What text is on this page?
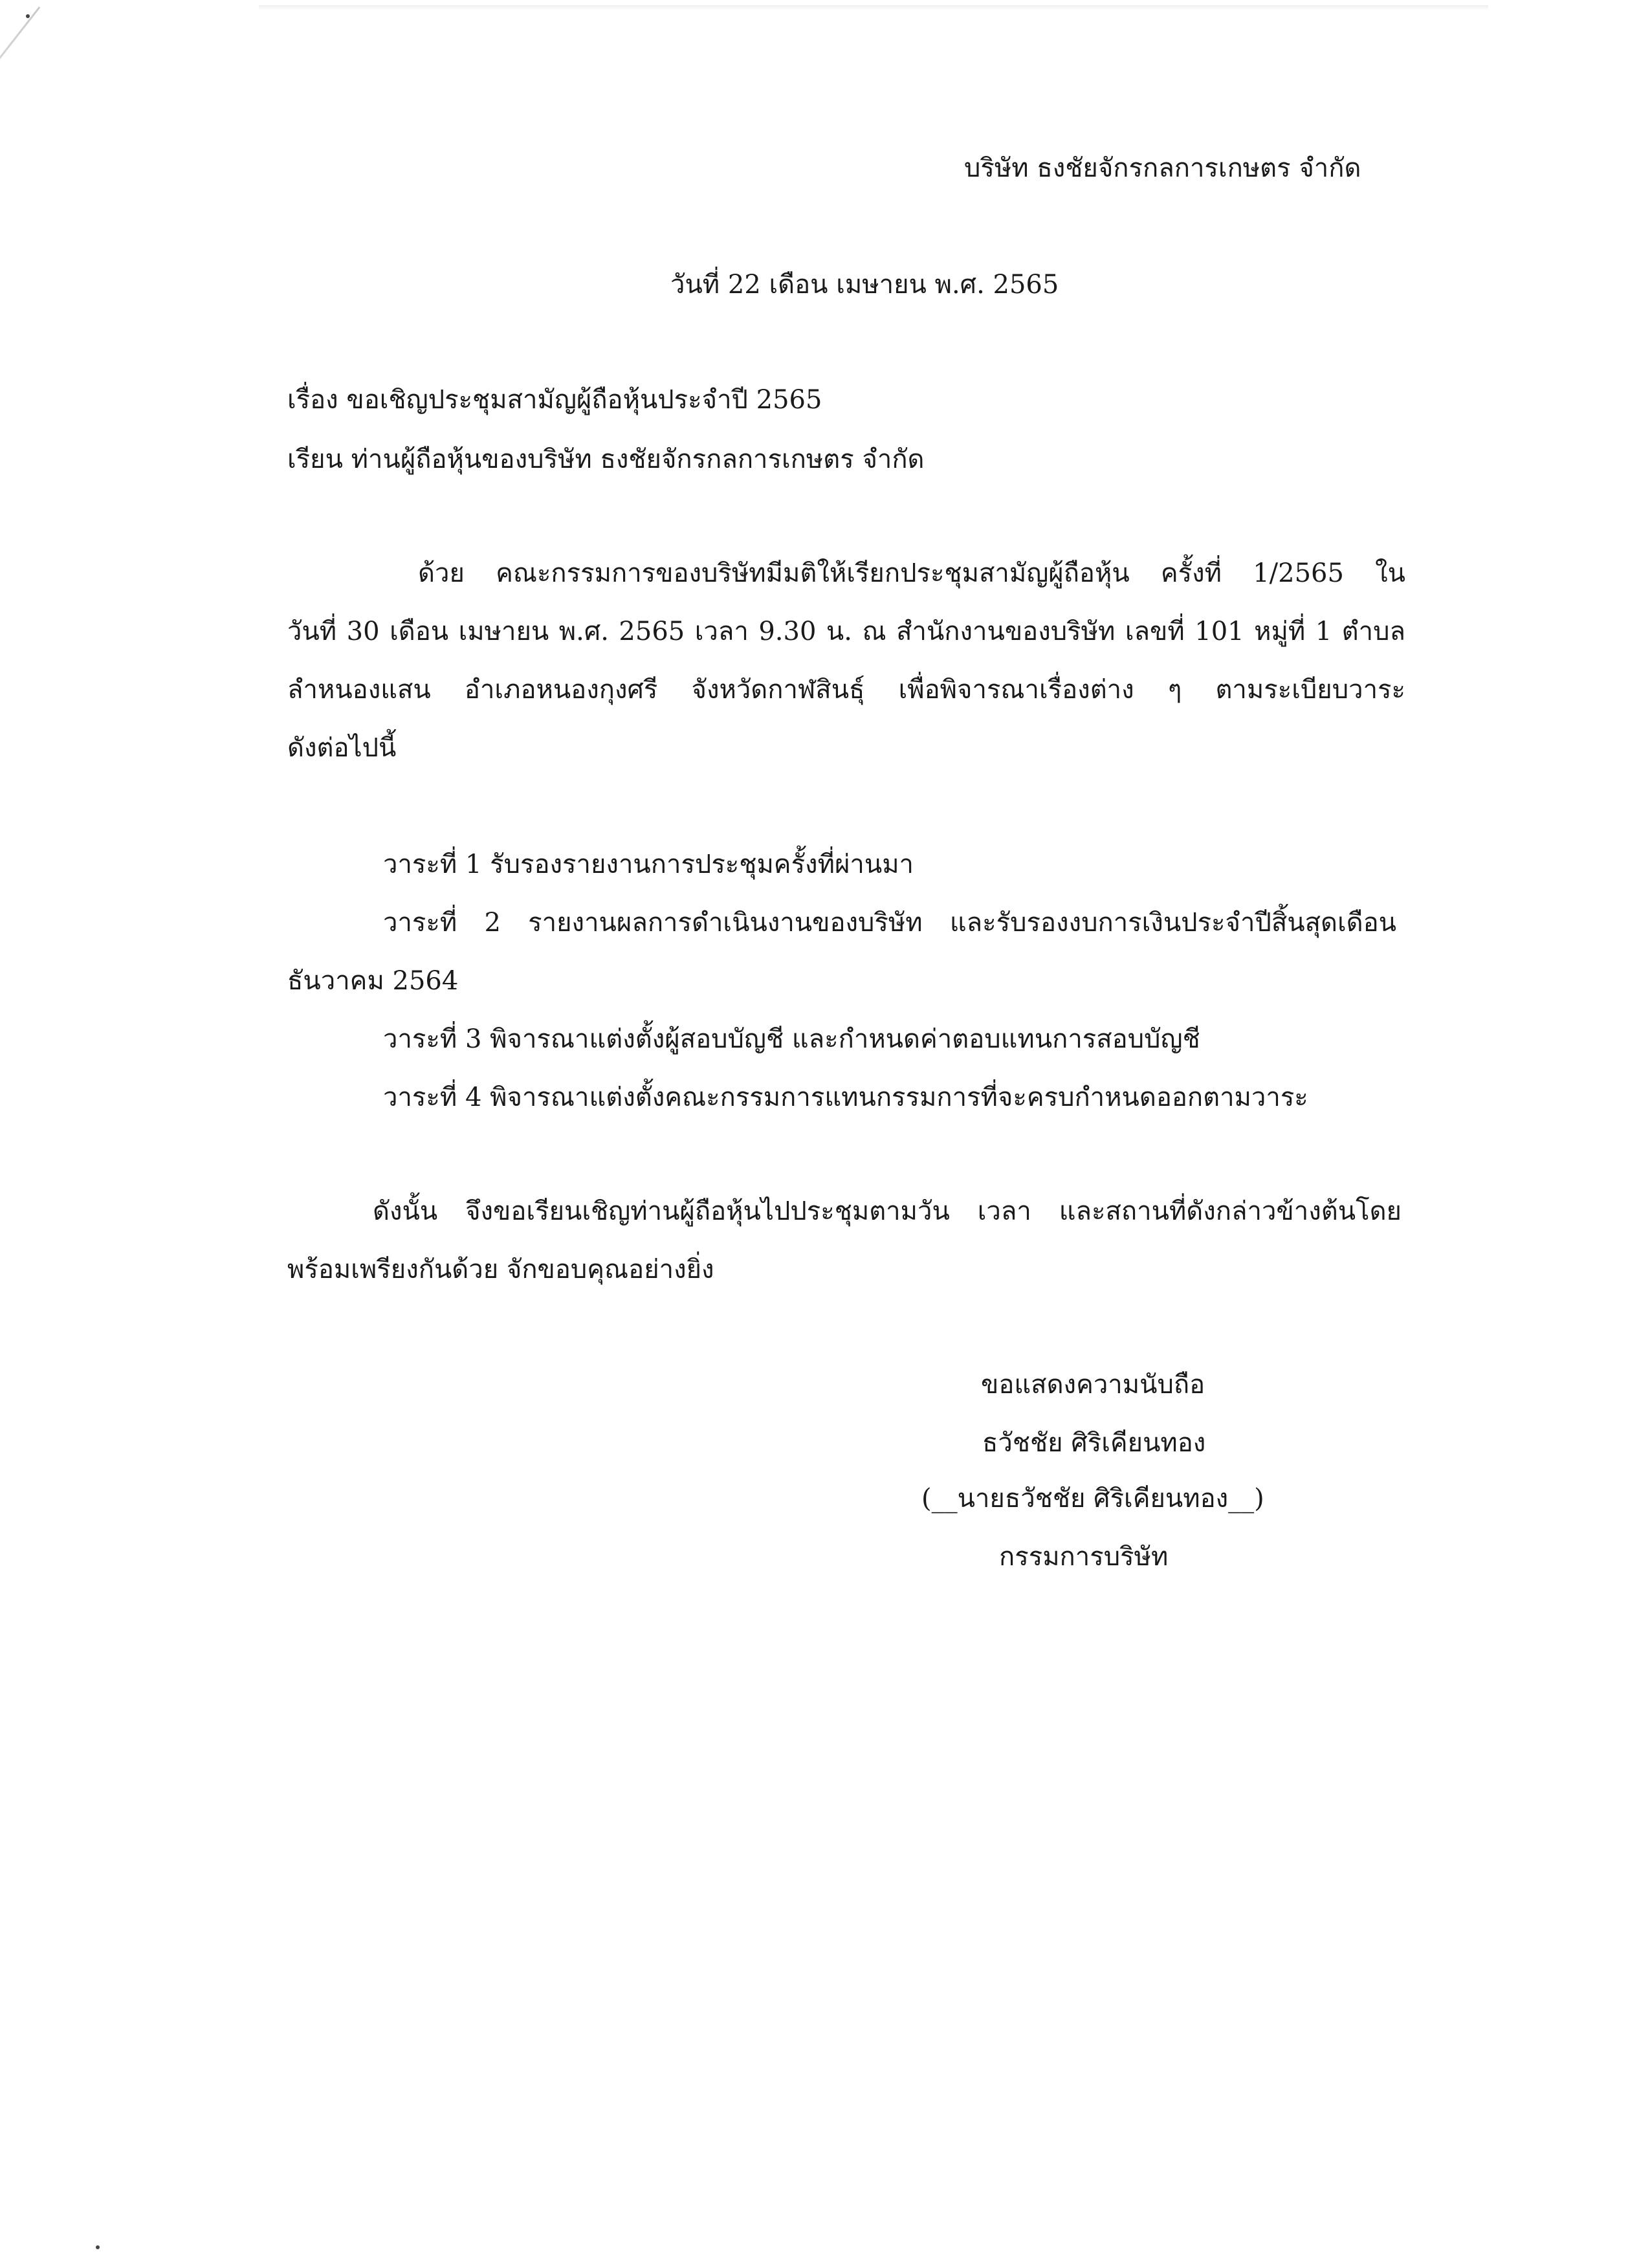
บริษัท ธงชัยจักรกลการเกษตร จำกัด
วันที่ 22 เดือน เมษายน พ.ศ. 2565
เรื่อง ขอเชิญประชุมสามัญผู้ถือหุ้นประจำปี 2565
เรียน ท่านผู้ถือหุ้นของบริษัท ธงชัยจักรกลการเกษตร จำกัด
ด้วย คณะกรรมการของบริษัทมีมติให้เรียกประชุมสามัญผู้ถือหุ้น ครั้งที่ 1/2565 ใน
วันที่ 30 เดือน เมษายน พ.ศ. 2565 เวลา 9.30 น. ณ สำนักงานของบริษัท เลขที่ 101 หมู่ที่ 1 ตำบล
ลำหนองแสน อำเภอหนองกุงศรี จังหวัดกาฬสินธุ์ เพื่อพิจารณาเรื่องต่าง ๆ ตามระเบียบวาระ
ดังต่อไปนี้
วาระที่ 1 รับรองรายงานการประชุมครั้งที่ผ่านมา
วาระที่ 2 รายงานผลการดำเนินงานของบริษัท และรับรองงบการเงินประจำปีสิ้นสุดเดือน
ธันวาคม 2564
วาระที่ 3 พิจารณาแต่งตั้งผู้สอบบัญชี และกำหนดค่าตอบแทนการสอบบัญชี
วาระที่ 4 พิจารณาแต่งตั้งคณะกรรมการแทนกรรมการที่จะครบกำหนดออกตามวาระ
ดังนั้น จึงขอเรียนเชิญท่านผู้ถือหุ้นไปประชุมตามวัน เวลา และสถานที่ดังกล่าวข้างต้นโดย
พร้อมเพรียงกันด้วย จักขอบคุณอย่างยิ่ง
ขอแสดงความนับถือ
ธวัชชัย ศิริเคียนทอง
(__นายธวัชชัย ศิริเคียนทอง__)
กรรมการบริษัท
